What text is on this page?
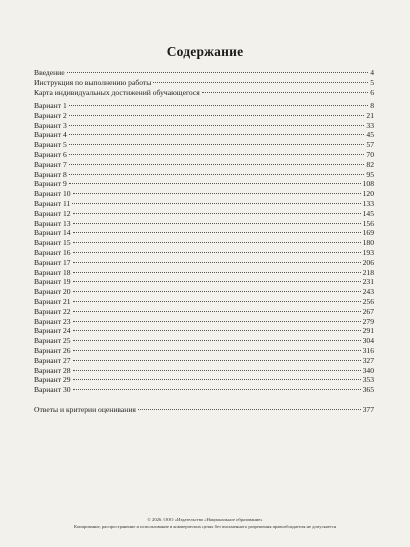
Содержание
Введение	4
Инструкция по выполнению работы	5
Карта индивидуальных достижений обучающегося	6
Вариант 1	8
Вариант 2	21
Вариант 3	33
Вариант 4	45
Вариант 5	57
Вариант 6	70
Вариант 7	82
Вариант 8	95
Вариант 9	108
Вариант 10	120
Вариант 11	133
Вариант 12	145
Вариант 13	156
Вариант 14	169
Вариант 15	180
Вариант 16	193
Вариант 17	206
Вариант 18	218
Вариант 19	231
Вариант 20	243
Вариант 21	256
Вариант 22	267
Вариант 23	279
Вариант 24	291
Вариант 25	304
Вариант 26	316
Вариант 27	327
Вариант 28	340
Вариант 29	353
Вариант 30	365
Ответы и критерии оценивания	377
© 2026. ООО «Издательство «Национальное образование»
Копирование, распространение и использование в коммерческих целях без письменного разрешения правообладателя не допускается
